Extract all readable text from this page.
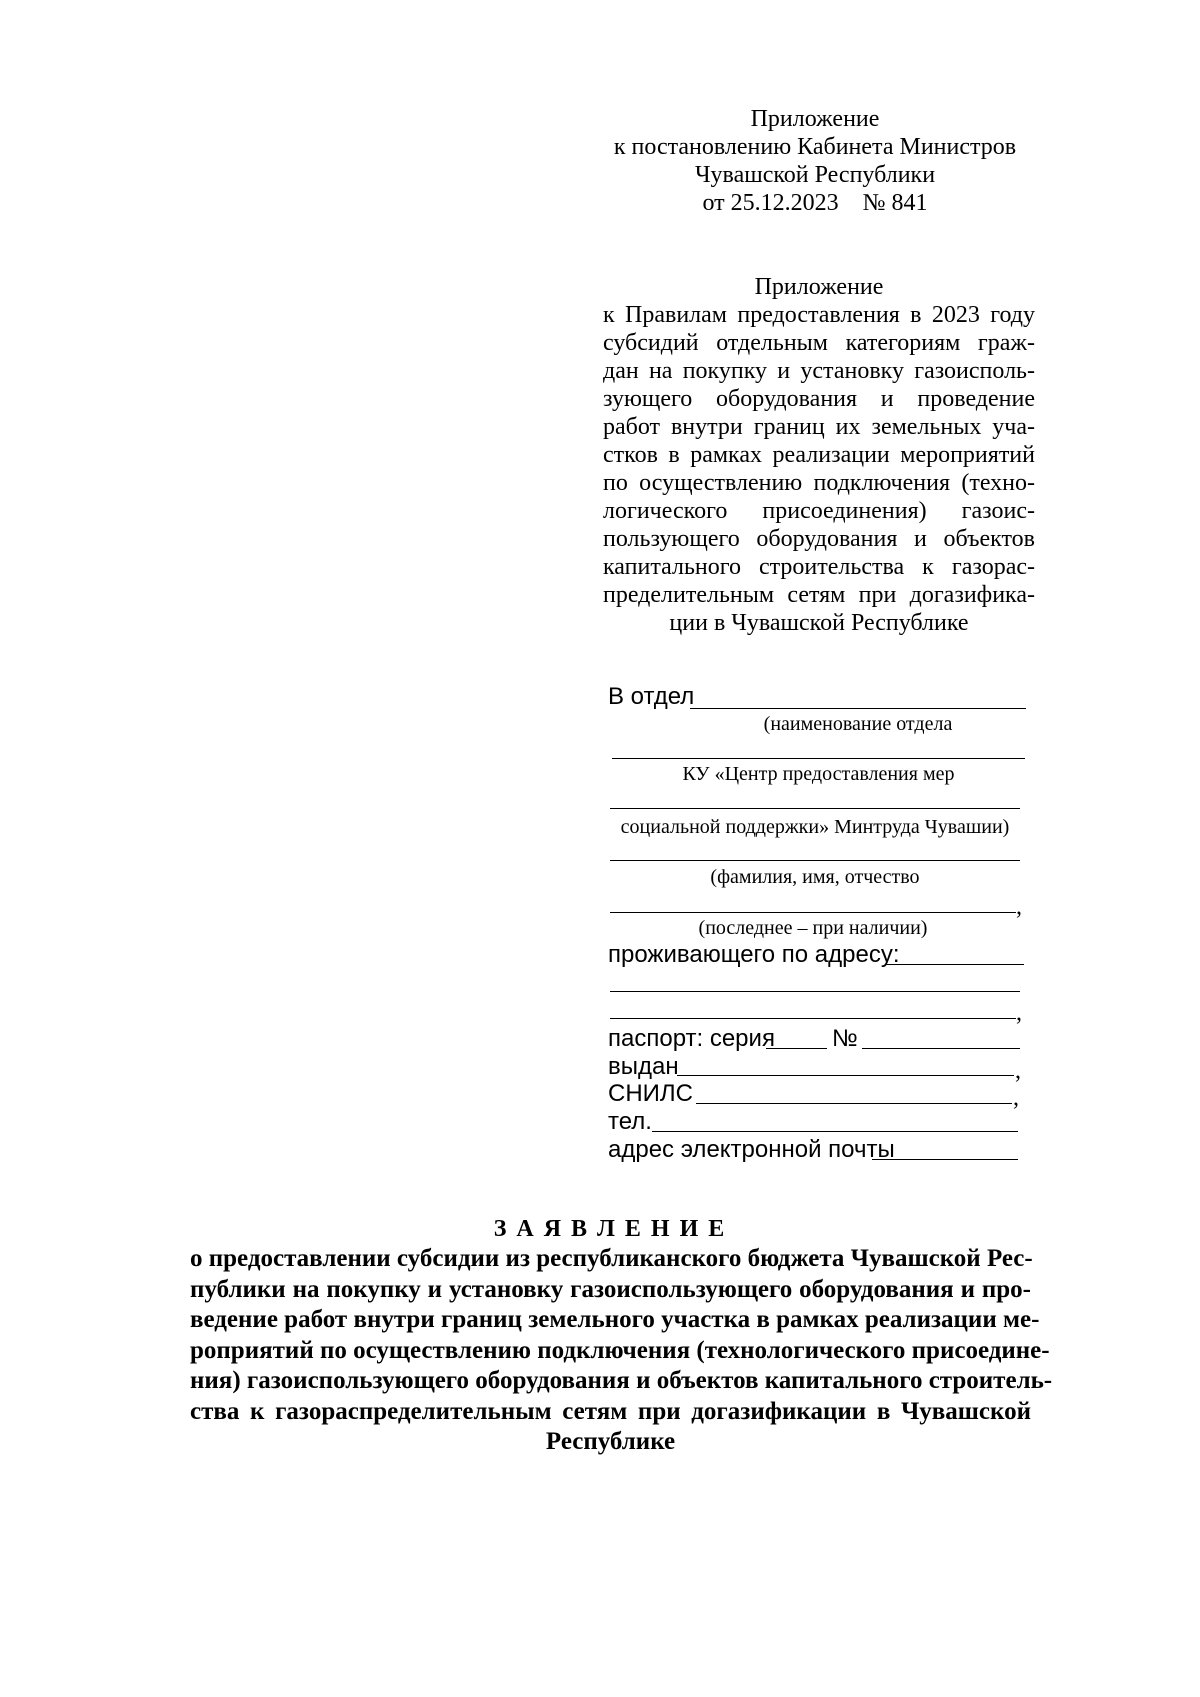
Приложение
к постановлению Кабинета Министров
Чувашской Республики
от 25.12.2023    № 841
Приложение
к Правилам предоставления в 2023 году
субсидий отдельным категориям граж-
дан на покупку и установку газоисполь-
зующего оборудования и проведение
работ внутри границ их земельных уча-
стков в рамках реализации мероприятий
по осуществлению подключения (техно-
логического присоединения) газоис-
пользующего оборудования и объектов
капитального строительства к газорас-
пределительным сетям при догазифика-
ции в Чувашской Республике
В отдел
(наименование отдела
КУ «Центр предоставления мер
социальной поддержки» Минтруда Чувашии)
(фамилия, имя, отчество
,
(последнее – при наличии)
проживающего по адресу:
,
паспорт: серия №
выдан	,
СНИЛС	,
тел.
адрес электронной почты
З А Я В Л Е Н И Е
о предоставлении субсидии из республиканского бюджета Чувашской Рес-
публики на покупку и установку газоиспользующего оборудования и про-
ведение работ внутри границ земельного участка в рамках реализации ме-
роприятий по осуществлению подключения (технологического присоедине-
ния) газоиспользующего оборудования и объектов капитального строитель-
ства к газораспределительным сетям при догазификации в Чувашской
Республике
